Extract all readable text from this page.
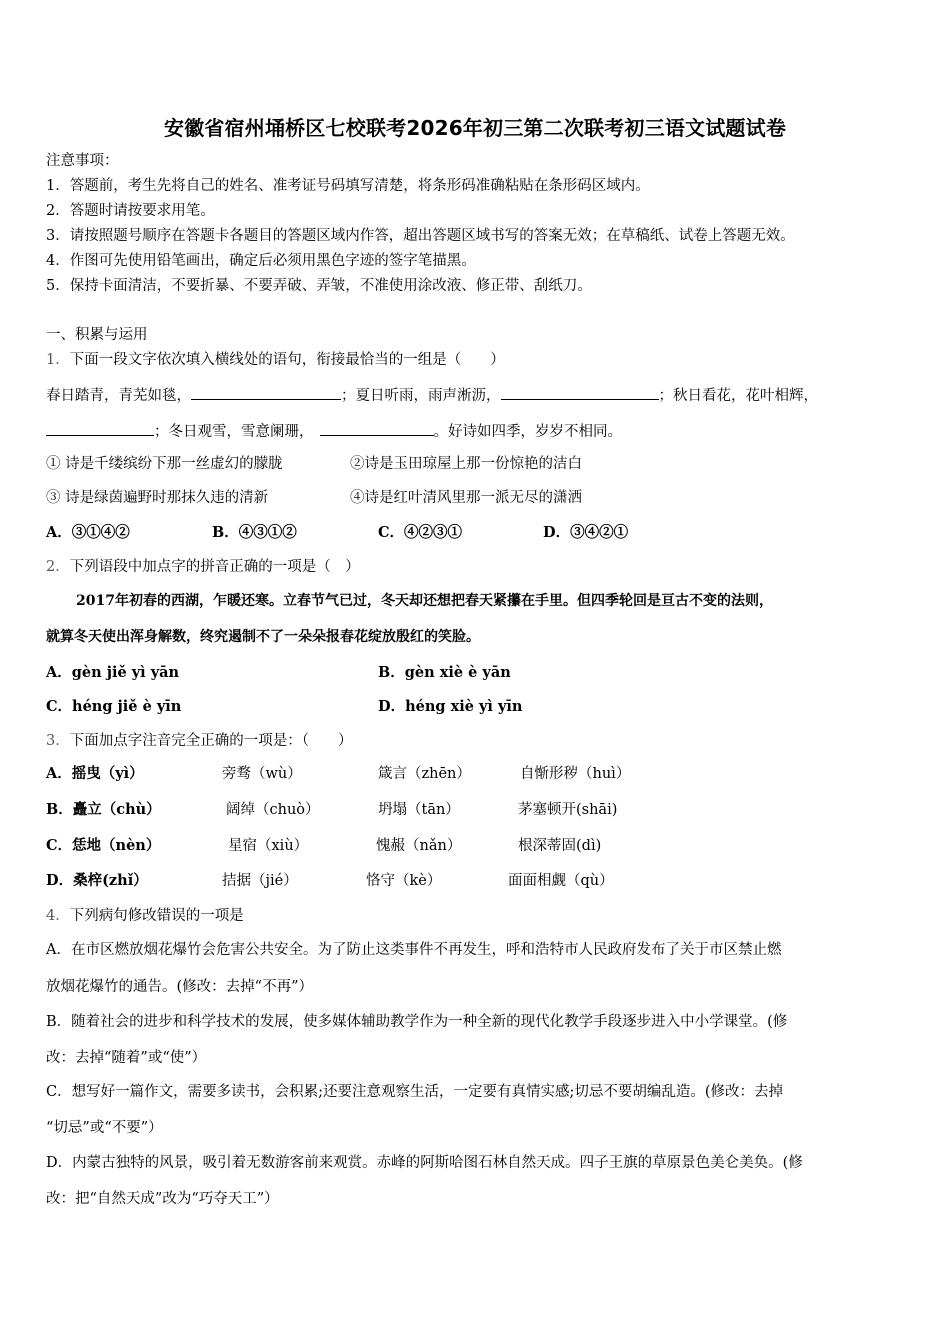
安徽省宿州埇桥区七校联考2026年初三第二次联考初三语文试题试卷
注意事项：
1．答题前，考生先将自己的姓名、准考证号码填写清楚，将条形码准确粘贴在条形码区域内。
2．答题时请按要求用笔。
3．请按照题号顺序在答题卡各题目的答题区域内作答，超出答题区域书写的答案无效；在草稿纸、试卷上答题无效。
4．作图可先使用铅笔画出，确定后必须用黑色字迹的签字笔描黑。
5．保持卡面清洁，不要折暴、不要弄破、弄皱，不准使用涂改液、修正带、刮纸刀。
一、积累与运用
1．下面一段文字依次填入横线处的语句，衔接最恰当的一组是（　　）
春日踏青，青芜如毯，	；夏日听雨，雨声淅沥，	；秋日看花，花叶相辉，
；冬日观雪，雪意阑珊，	。好诗如四季，岁岁不相同。
① 诗是千缕缤纷下那一丝虚幻的朦胧	②诗是玉田琼屋上那一份惊艳的洁白
③ 诗是绿茵遍野时那抹久违的清新	④诗是红叶清风里那一派无尽的潇洒
A．③①④②	B．④③①②	C．④②③①	D．③④②①
2．下列语段中加点字的拼音正确的一项是（　）
2017年初春的西湖，乍暖还寒。立春节气已过，冬天却还想把春天紧攥在手里。但四季轮回是亘古不变的法则，
就算冬天使出浑身解数，终究遏制不了一朵朵报春花绽放殷红的笑脸。
A．gèn jiě yì yān	B．gèn xiè è yān
C．héng jiě è yīn	D．héng xiè yì yīn
3．下面加点字注音完全正确的一项是：（　　）
A．摇曳（yì）	旁骛（wù）	箴言（zhēn）	自惭形秽（huì）
B．矗立（chù）	阔绰（chuò）	坍塌（tān）	茅塞顿开(shāi)
C．恁地（nèn）	星宿（xiù）	愧赧（nǎn）	根深蒂固(dì)
D．桑梓(zhǐ）	拮据（jié）	恪守（kè）	面面相觑（qù）
4．下列病句修改错误的一项是
A．在市区燃放烟花爆竹会危害公共安全。为了防止这类事件不再发生，呼和浩特市人民政府发布了关于市区禁止燃
放烟花爆竹的通告。(修改：去掉“不再”）
B．随着社会的进步和科学技术的发展，使多媒体辅助教学作为一种全新的现代化教学手段逐步进入中小学课堂。(修
改：去掉“随着”或“使”）
C．想写好一篇作文，需要多读书，会积累;还要注意观察生活，一定要有真情实感;切忌不要胡编乱造。(修改：去掉
“切忌”或“不要”）
D．内蒙古独特的风景，吸引着无数游客前来观赏。赤峰的阿斯哈图石林自然天成。四子王旗的草原景色美仑美奂。(修
改：把“自然天成”改为“巧夺天工”）
